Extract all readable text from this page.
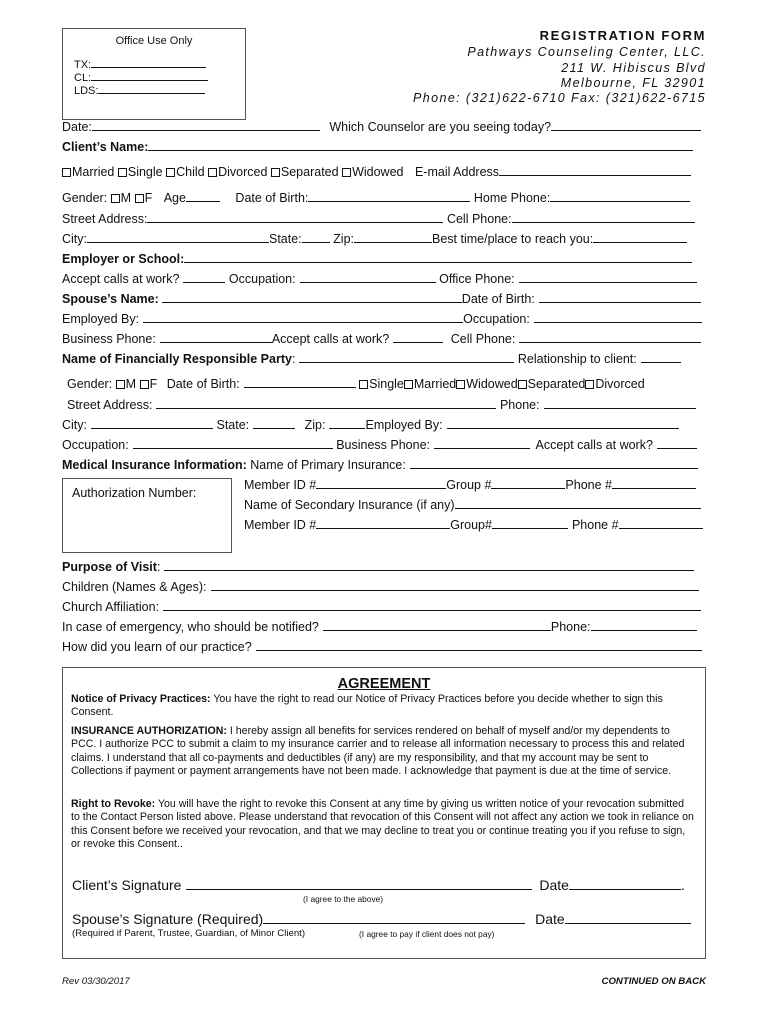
Office Use Only
TX:
CL:
LDS:
REGISTRATION FORM
Pathways Counseling Center, LLC.
211 W. Hibiscus Blvd
Melbourne, FL 32901
Phone: (321)622-6710 Fax: (321)622-6715
Date:	Which Counselor are you seeing today?
Client’s Name:
Married Single Child Divorced Separated Widowed E-mail Address
Gender: M F Age	Date of Birth:	Home Phone:
Street Address:	Cell Phone:
City:	State:	Zip:	Best time/place to reach you:
Employer or School:
Accept calls at work?	Occupation:	Office Phone:
Spouse’s Name:	Date of Birth:
Employed By:	Occupation:
Business Phone:	Accept calls at work?	Cell Phone:
Name of Financially Responsible Party:	Relationship to client:
Gender: M F Date of Birth:	Single Married Widowed Separated Divorced
Street Address:	Phone:
City:	State:	Zip:	Employed By:
Occupation:	Business Phone:	Accept calls at work?
Medical Insurance Information: Name of Primary Insurance:
Authorization Number:
Member ID #	Group #	Phone #
Name of Secondary Insurance (if any)
Member ID #	Group#	Phone #
Purpose of Visit:
Children (Names & Ages):
Church Affiliation:
In case of emergency, who should be notified?	Phone:
How did you learn of our practice?
AGREEMENT

Notice of Privacy Practices: You have the right to read our Notice of Privacy Practices before you decide whether to sign this Consent.

INSURANCE AUTHORIZATION: I hereby assign all benefits for services rendered on behalf of myself and/or my dependents to PCC. I authorize PCC to submit a claim to my insurance carrier and to release all information necessary to process this and related claims. I understand that all co-payments and deductibles (if any) are my responsibility, and that my account may be sent to Collections if payment or payment arrangements have not been made. I acknowledge that payment is due at the time of service.

Right to Revoke: You will have the right to revoke this Consent at any time by giving us written notice of your revocation submitted to the Contact Person listed above. Please understand that revocation of this Consent will not affect any action we took in reliance on this Consent before we received your revocation, and that we may decline to treat you or continue treating you if you refuse to sign,
or revoke this Consent..

Client’s Signature	Date	.
(I agree to the above)
Spouse’s Signature (Required)	Date
(Required if Parent, Trustee, Guardian, of Minor Client)	(I agree to pay if client does not pay)
Rev 03/30/2017	CONTINUED ON BACK
